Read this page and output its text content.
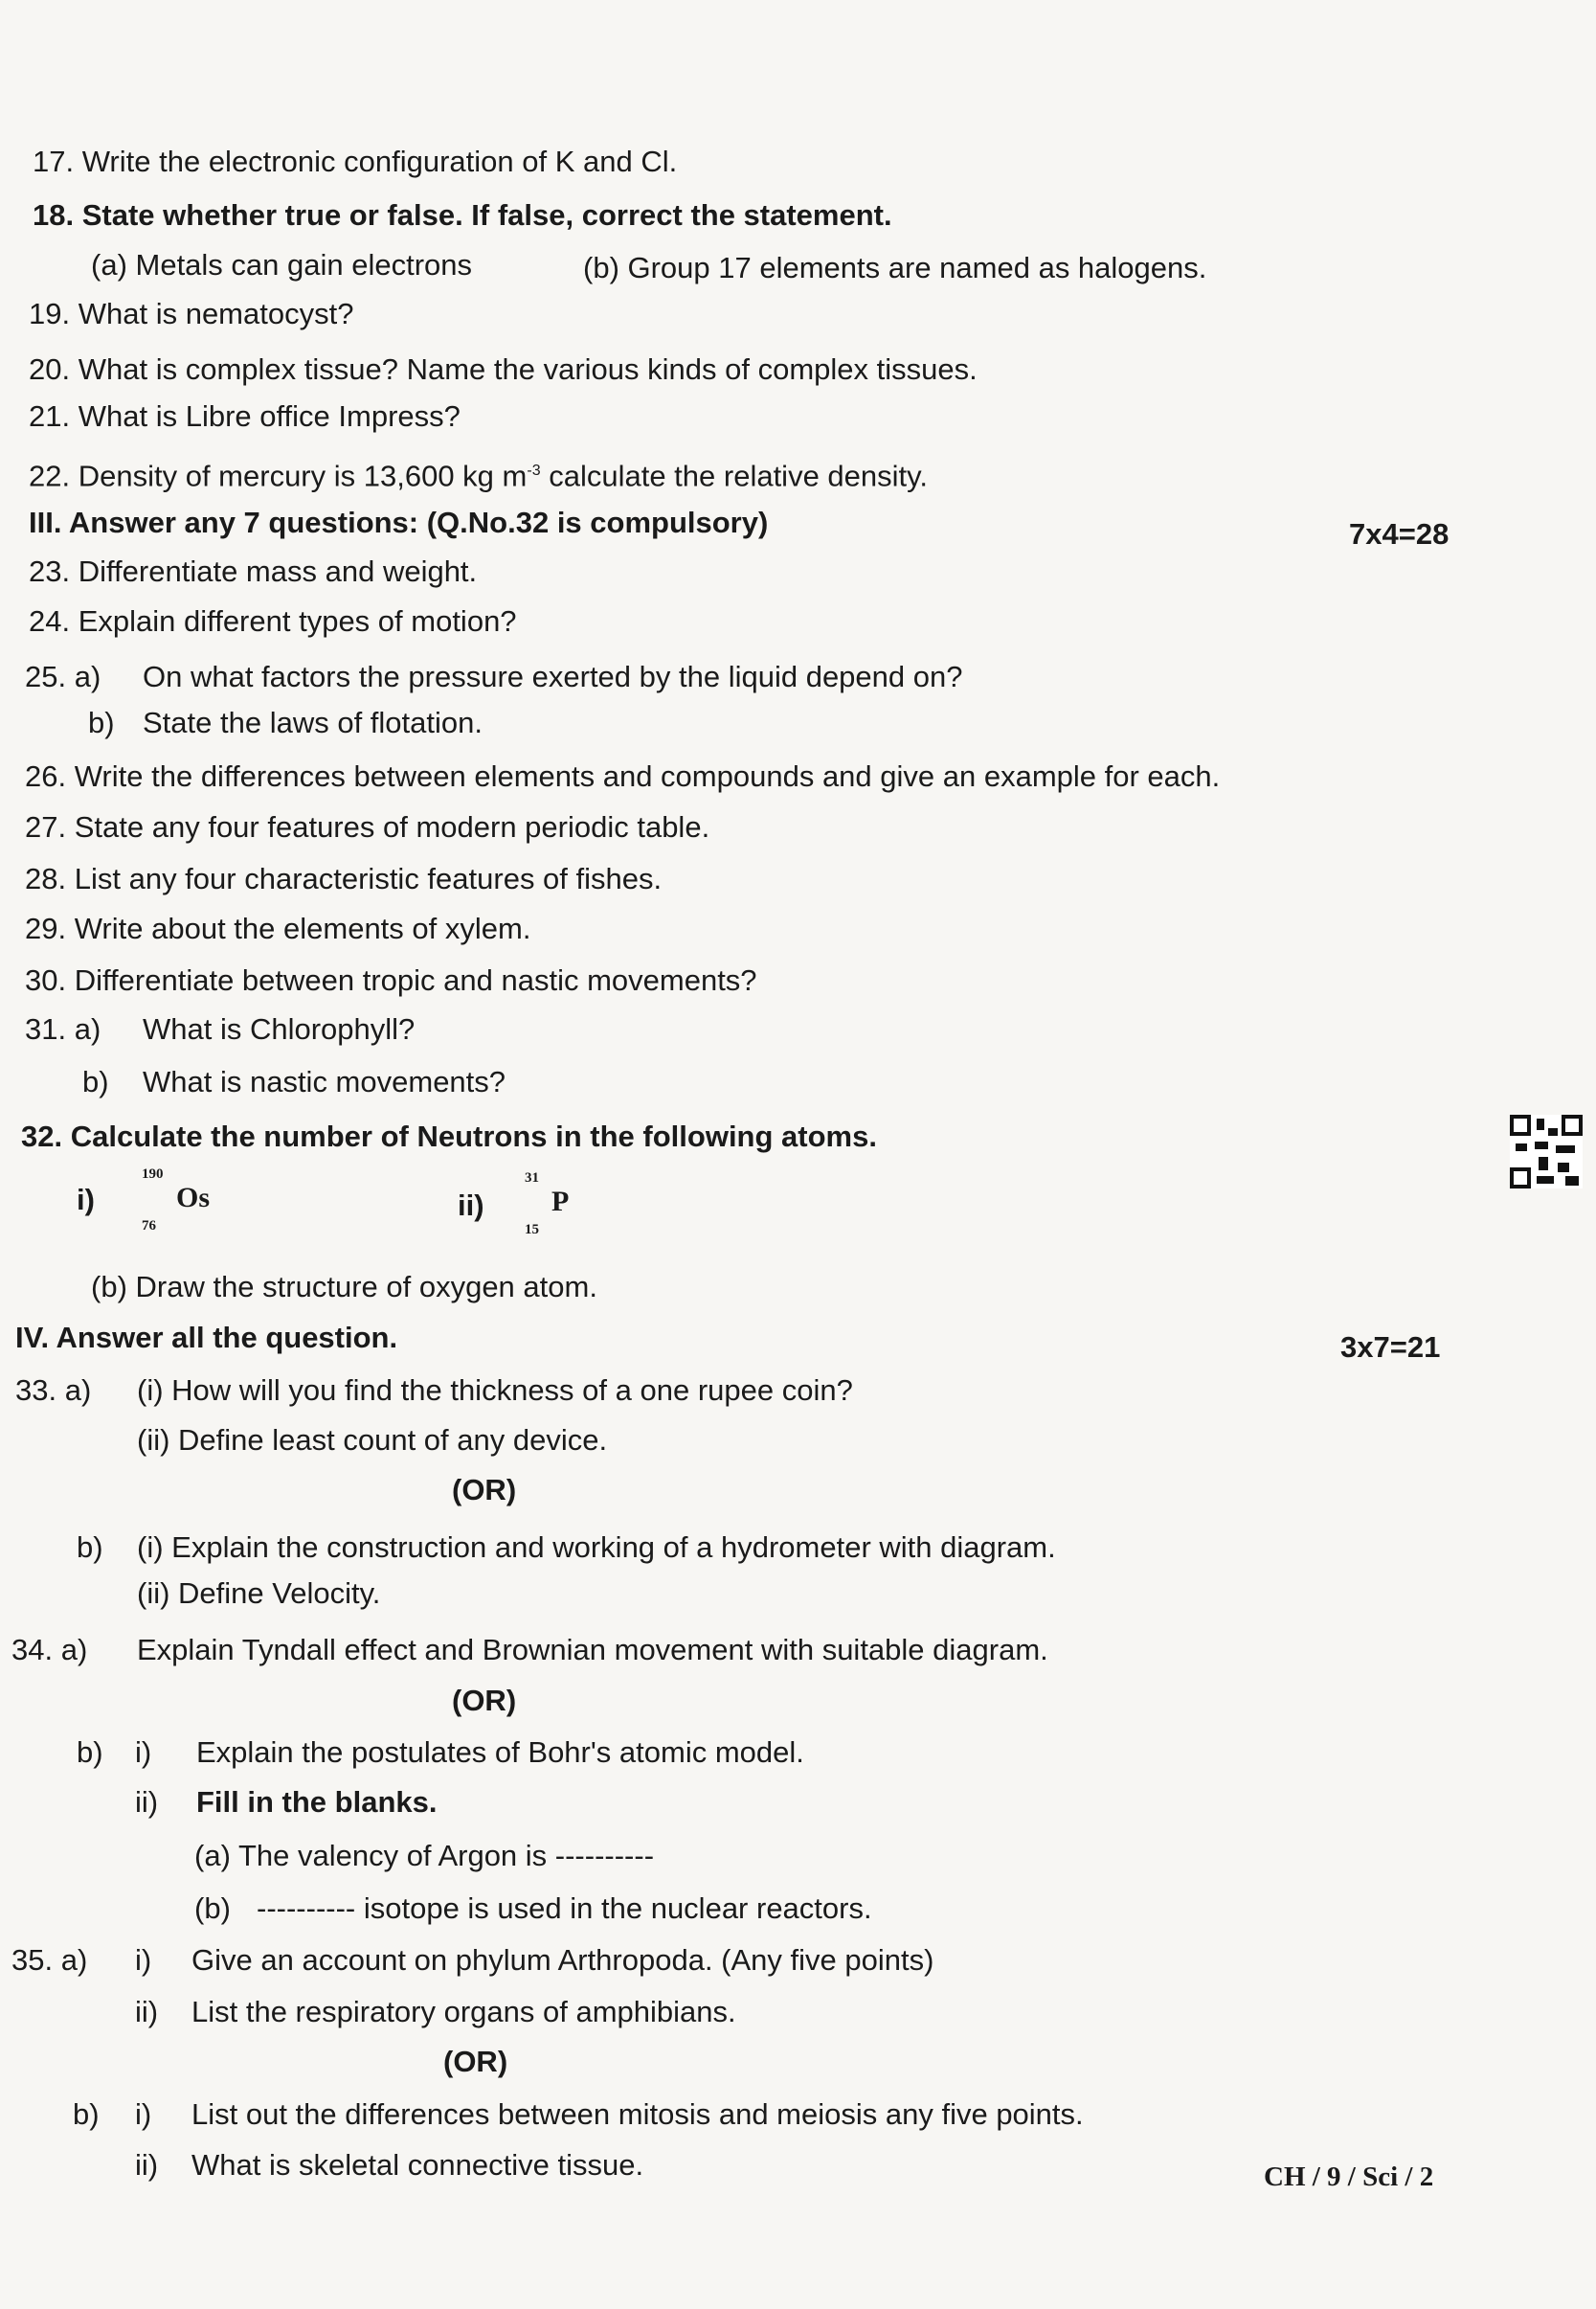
17. Write the electronic configuration of K and Cl.
18. State whether true or false. If false, correct the statement.
(a) Metals can gain electrons	(b) Group 17 elements are named as halogens.
19. What is nematocyst?
20. What is complex tissue? Name the various kinds of complex tissues.
21. What is Libre office Impress?
22. Density of mercury is 13,600 kg $m^{-3}$ calculate the relative density.
III. Answer any 7 questions: (Q.No.32 is compulsory)	7x4=28
23. Differentiate mass and weight.
24. Explain different types of motion?
25. a) On what factors the pressure exerted by the liquid depend on?
b) State the laws of flotation.
26. Write the differences between elements and compounds and give an example for each.
27. State any four features of modern periodic table.
28. List any four characteristic features of fishes.
29. Write about the elements of xylem.
30. Differentiate between tropic and nastic movements?
31. a) What is Chlorophyll?
b) What is nastic movements?
32. Calculate the number of Neutrons in the following atoms.
i)
190
76
Os	ii)
31
15
P
(b) Draw the structure of oxygen atom.
IV. Answer all the question.	3x7=21
33. a) (i) How will you find the thickness of a one rupee coin?
(ii) Define least count of any device.
(OR)
b) (i) Explain the construction and working of a hydrometer with diagram.
(ii) Define Velocity.
34. a) Explain Tyndall effect and Brownian movement with suitable diagram.
(OR)
b) i) Explain the postulates of Bohr's atomic model.
ii) Fill in the blanks.
(a) The valency of Argon is ----------
(b) ---------- isotope is used in the nuclear reactors.
35. a) i) Give an account on phylum Arthropoda. (Any five points)
ii) List the respiratory organs of amphibians.
(OR)
b) i) List out the differences between mitosis and meiosis any five points.
ii) What is skeletal connective tissue.	CH / 9 / Sci / 2
